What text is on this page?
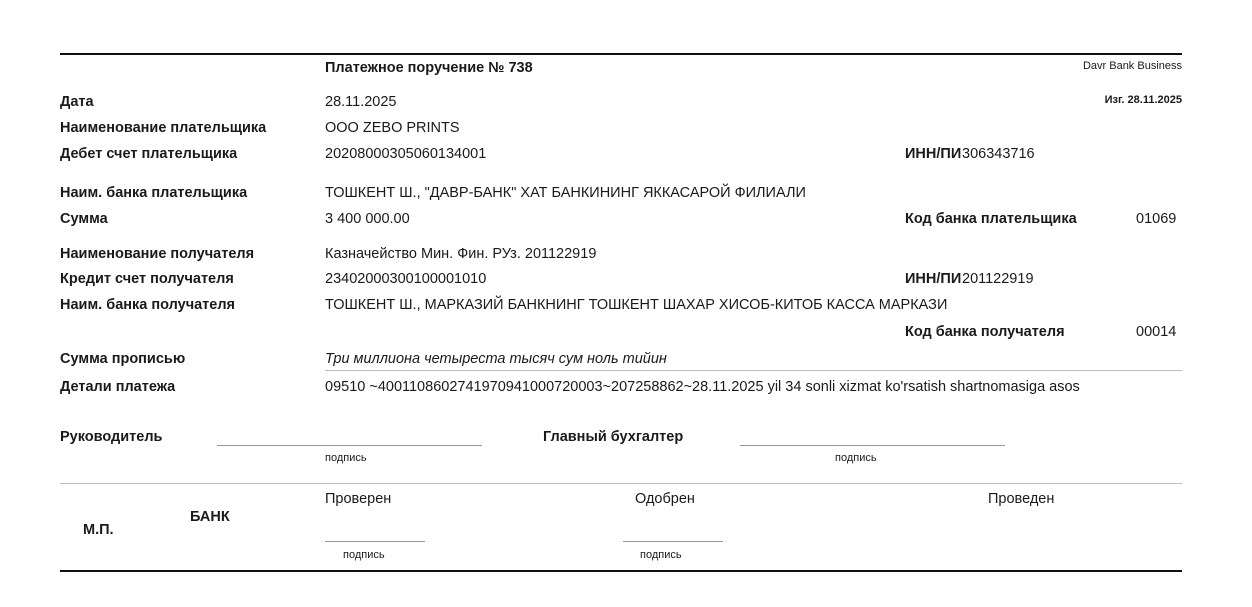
Платежное поручение № 738	Davr Bank Business
Изг. 28.11.2025
Дата	28.11.2025
Наименование плательщика	ООО ZEBO PRINTS
Дебет счет плательщика	20208000305060134001	ИНН/ПИ 306343716
Наим. банка плательщика	ТОШКЕНТ Ш., "ДАВР-БАНК" ХАТ БАНКИНИНГ ЯККАСАРОЙ ФИЛИАЛИ
Сумма	3 400 000.00	Код банка плательщика	01069
Наименование получателя	Казначейство Мин. Фин. РУз. 201122919
Кредит счет получателя	23402000300100001010	ИНН/ПИ 201122919
Наим. банка получателя	ТОШКЕНТ Ш., МАРКАЗИЙ БАНКНИНГ ТОШКЕНТ ШАХАР ХИСОБ-КИТОБ КАССА МАРКАЗИ
Код банка получателя	00014
Сумма прописью	Три миллиона четыреста тысяч сум ноль тийин
Детали платежа	09510 ~4001108602741970941000720003~207258862~28.11.2025 yil 34 sonli xizmat ko'rsatish shartnomasiga asos
Руководитель
подпись
Главный бухгалтер
подпись
М.П.
БАНК
Проверен
подпись
Одобрен
подпись
Проведен
